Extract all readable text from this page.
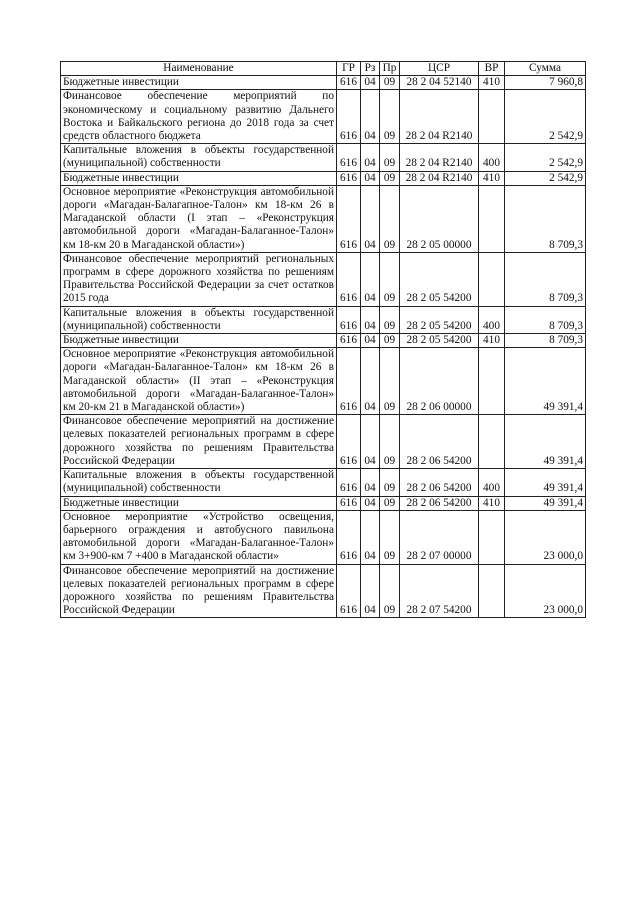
Наименование	ГР	Рз	Пр	ЦСР	ВР	Сумма
Бюджетные инвестиции	616	04	09	28 2 04 52140	410	7 960,8
Финансовое обеспечение мероприятий по экономическому и социальному развитию Дальнего Востока и Байкальского региона до 2018 года за счет средств областного бюджета	616	04	09	28 2 04 R2140		2 542,9
Капитальные вложения в объекты государственной (муниципальной) собственности	616	04	09	28 2 04 R2140	400	2 542,9
Бюджетные инвестиции	616	04	09	28 2 04 R2140	410	2 542,9
Основное мероприятие «Реконструкция автомобильной дороги «Магадан-Балагапное-Талон» км 18-км 26 в Магаданской области (I этап – «Реконструкция автомобильной дороги «Магадан-Балаганное-Талон» км 18-км 20 в Магаданской области»)	616	04	09	28 2 05 00000		8 709,3
Финансовое обеспечение мероприятий региональных программ в сфере дорожного хозяйства по решениям Правительства Российской Федерации за счет остатков 2015 года	616	04	09	28 2 05 54200		8 709,3
Капитальные вложения в объекты государственной (муниципальной) собственности	616	04	09	28 2 05 54200	400	8 709,3
Бюджетные инвестиции	616	04	09	28 2 05 54200	410	8 709,3
Основное мероприятие «Реконструкция автомобильной дороги «Магадан-Балаганное-Талон» км 18-км 26 в Магаданской области» (II этап – «Реконструкция автомобильной дороги «Магадан-Балаганное-Талон» км 20-км 21 в Магаданской области»)	616	04	09	28 2 06 00000		49 391,4
Финансовое обеспечение мероприятий на достижение целевых показателей региональных программ в сфере дорожного хозяйства по решениям Правительства Российской Федерации	616	04	09	28 2 06 54200		49 391,4
Капитальные вложения в объекты государственной (муниципальной) собственности	616	04	09	28 2 06 54200	400	49 391,4
Бюджетные инвестиции	616	04	09	28 2 06 54200	410	49 391,4
Основное мероприятие «Устройство освещения, барьерного ограждения и автобусного павильона автомобильной дороги «Магадан-Балаганное-Талон» км 3+900-км 7 +400 в Магаданской области»	616	04	09	28 2 07 00000		23 000,0
Финансовое обеспечение мероприятий на достижение целевых показателей региональных программ в сфере дорожного хозяйства по решениям Правительства Российской Федерации	616	04	09	28 2 07 54200		23 000,0
